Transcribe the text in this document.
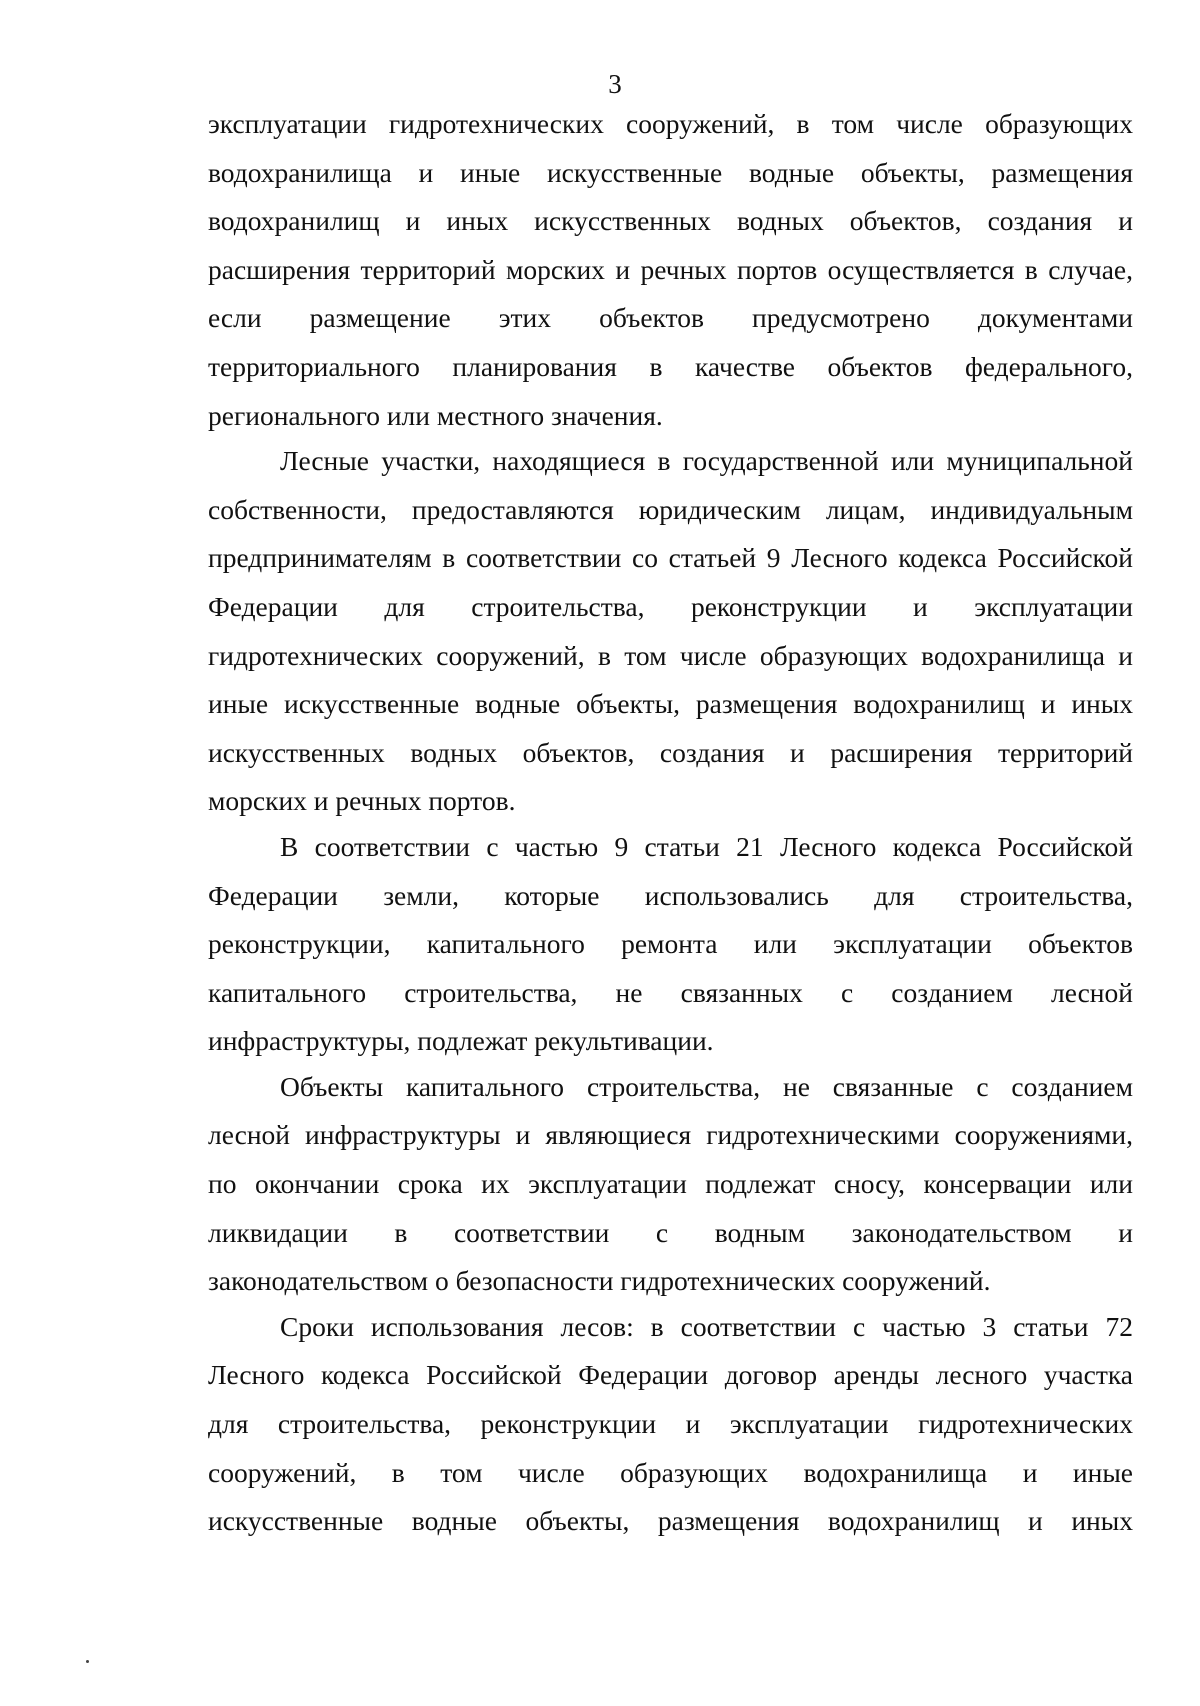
3

эксплуатации гидротехнических сооружений, в том числе образующих
водохранилища и иные искусственные водные объекты, размещения
водохранилищ и иных искусственных водных объектов, создания и
расширения территорий морских и речных портов осуществляется в случае,
если размещение этих объектов предусмотрено документами
территориального планирования в качестве объектов федерального,
регионального или местного значения.

Лесные участки, находящиеся в государственной или муниципальной
собственности, предоставляются юридическим лицам, индивидуальным
предпринимателям в соответствии со статьей 9 Лесного кодекса Российской
Федерации для строительства, реконструкции и эксплуатации
гидротехнических сооружений, в том числе образующих водохранилища и
иные искусственные водные объекты, размещения водохранилищ и иных
искусственных водных объектов, создания и расширения территорий
морских и речных портов.

В соответствии с частью 9 статьи 21 Лесного кодекса Российской
Федерации земли, которые использовались для строительства,
реконструкции, капитального ремонта или эксплуатации объектов
капитального строительства, не связанных с созданием лесной
инфраструктуры, подлежат рекультивации.

Объекты капитального строительства, не связанные с созданием
лесной инфраструктуры и являющиеся гидротехническими сооружениями,
по окончании срока их эксплуатации подлежат сносу, консервации или
ликвидации в соответствии с водным законодательством и
законодательством о безопасности гидротехнических сооружений.

Сроки использования лесов: в соответствии с частью 3 статьи 72
Лесного кодекса Российской Федерации договор аренды лесного участка
для строительства, реконструкции и эксплуатации гидротехнических
сооружений, в том числе образующих водохранилища и иные
искусственные водные объекты, размещения водохранилищ и иных
